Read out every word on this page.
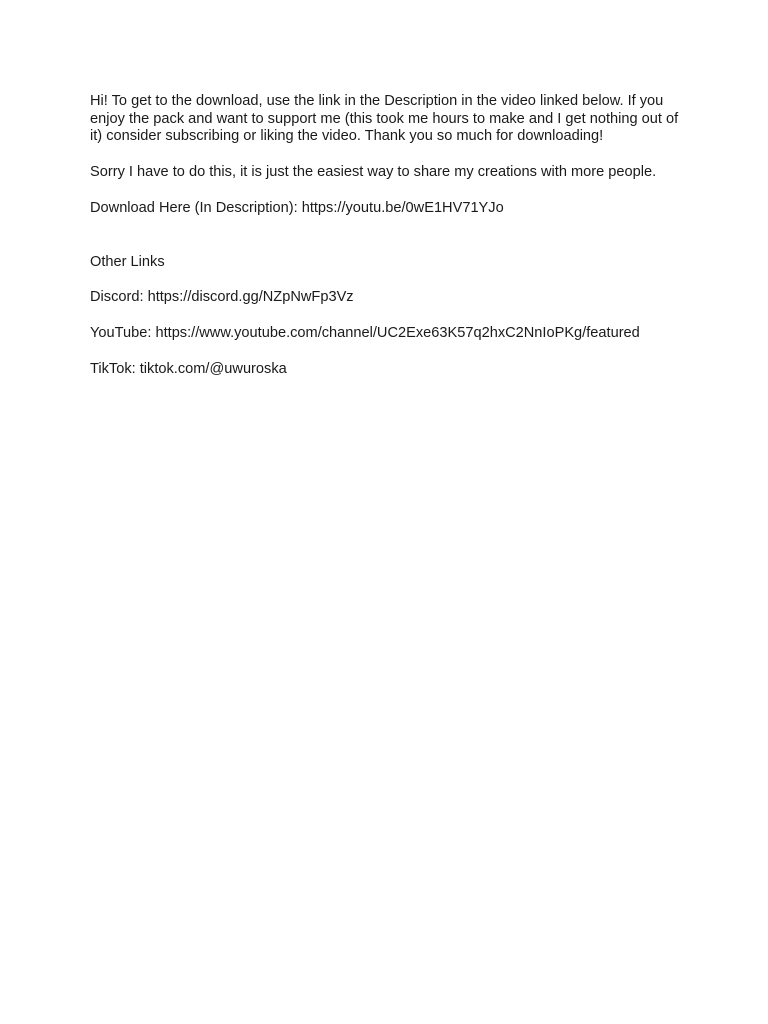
Hi! To get to the download, use the link in the Description in the video linked below. If you enjoy the pack and want to support me (this took me hours to make and I get nothing out of it) consider subscribing or liking the video. Thank you so much for downloading!

Sorry I have to do this, it is just the easiest way to share my creations with more people.

Download Here (In Description): https://youtu.be/0wE1HV71YJo

Other Links

Discord: https://discord.gg/NZpNwFp3Vz

YouTube: https://www.youtube.com/channel/UC2Exe63K57q2hxC2NnIoPKg/featured

TikTok: tiktok.com/@uwuroska
